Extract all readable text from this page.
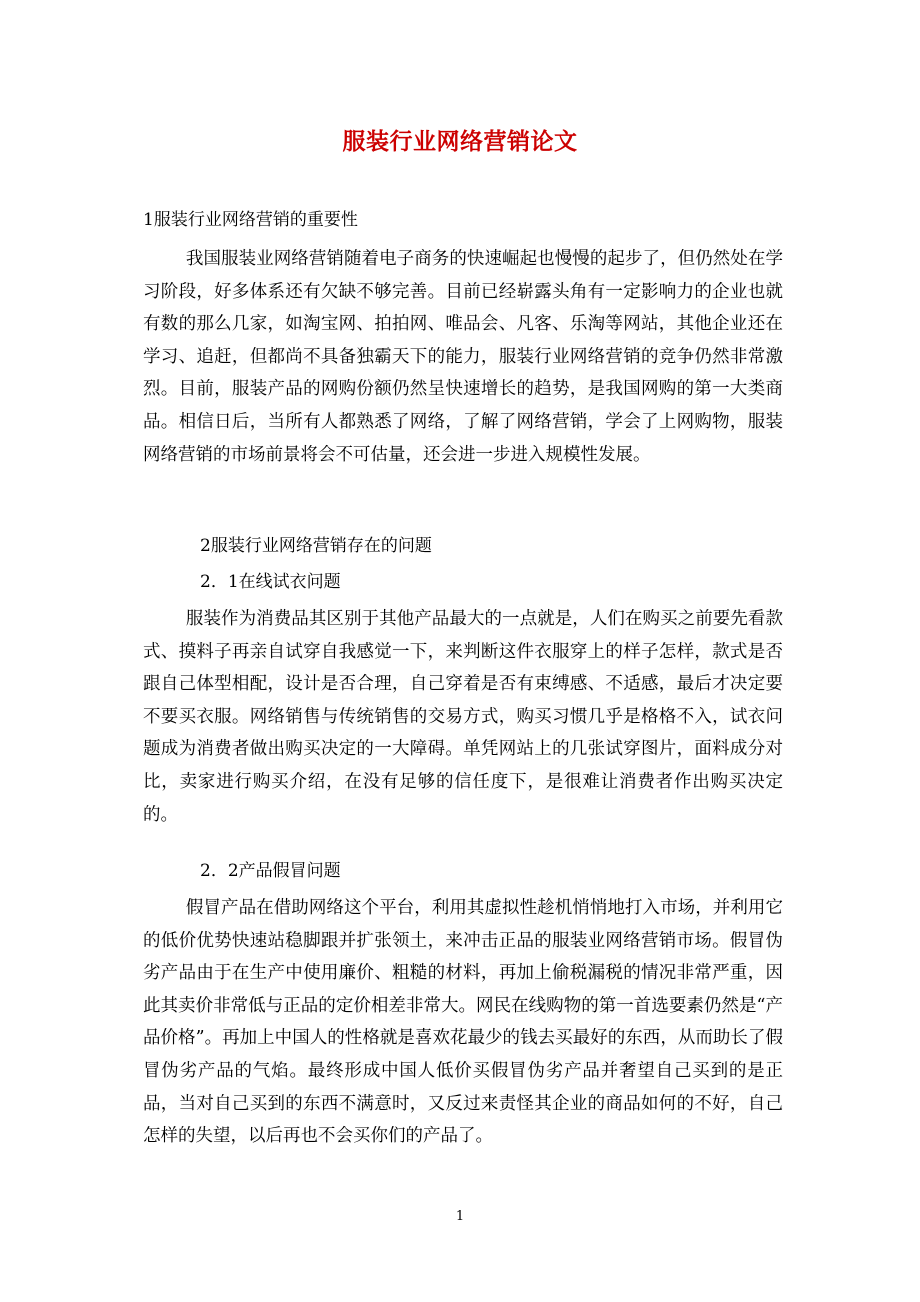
服装行业网络营销论文
1服装行业网络营销的重要性

我国服装业网络营销随着电子商务的快速崛起也慢慢的起步了，但仍然处在学习阶段，好多体系还有欠缺不够完善。目前已经崭露头角有一定影响力的企业也就有数的那么几家，如淘宝网、拍拍网、唯品会、凡客、乐淘等网站，其他企业还在学习、追赶，但都尚不具备独霸天下的能力，服装行业网络营销的竞争仍然非常激烈。目前，服装产品的网购份额仍然呈快速增长的趋势，是我国网购的第一大类商品。相信日后，当所有人都熟悉了网络，了解了网络营销，学会了上网购物，服装网络营销的市场前景将会不可估量，还会进一步进入规模性发展。

2服装行业网络营销存在的问题
2．1在线试衣问题

服装作为消费品其区别于其他产品最大的一点就是，人们在购买之前要先看款式、摸料子再亲自试穿自我感觉一下，来判断这件衣服穿上的样子怎样，款式是否跟自己体型相配，设计是否合理，自己穿着是否有束缚感、不适感，最后才决定要不要买衣服。网络销售与传统销售的交易方式，购买习惯几乎是格格不入，试衣问题成为消费者做出购买决定的一大障碍。单凭网站上的几张试穿图片，面料成分对比，卖家进行购买介绍，在没有足够的信任度下，是很难让消费者作出购买决定的。

2．2产品假冒问题

假冒产品在借助网络这个平台，利用其虚拟性趁机悄悄地打入市场，并利用它的低价优势快速站稳脚跟并扩张领土，来冲击正品的服装业网络营销市场。假冒伪劣产品由于在生产中使用廉价、粗糙的材料，再加上偷税漏税的情况非常严重，因此其卖价非常低与正品的定价相差非常大。网民在线购物的第一首选要素仍然是“产品价格”。再加上中国人的性格就是喜欢花最少的钱去买最好的东西，从而助长了假冒伪劣产品的气焰。最终形成中国人低价买假冒伪劣产品并奢望自己买到的是正品，当对自己买到的东西不满意时，又反过来责怪其企业的商品如何的不好，自己怎样的失望，以后再也不会买你们的产品了。

1
